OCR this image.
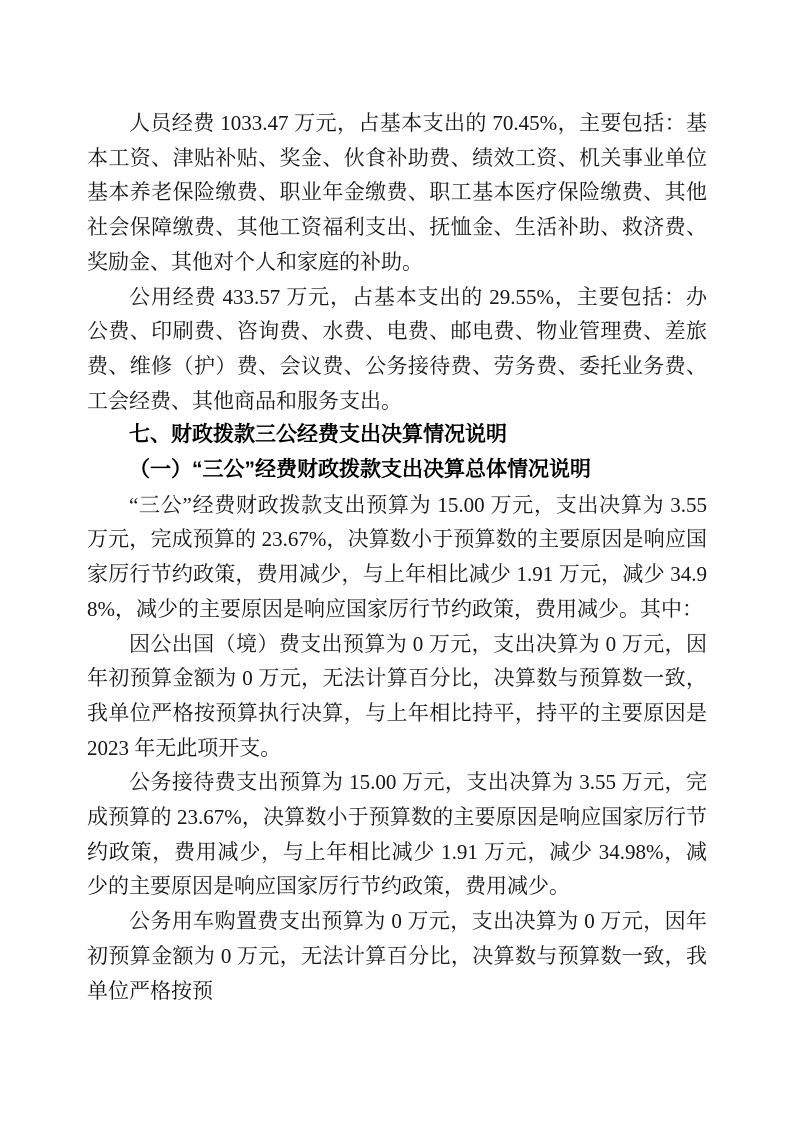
人员经费 1033.47 万元，占基本支出的 70.45%，主要包括：基本工资、津贴补贴、奖金、伙食补助费、绩效工资、机关事业单位基本养老保险缴费、职业年金缴费、职工基本医疗保险缴费、其他社会保障缴费、其他工资福利支出、抚恤金、生活补助、救济费、奖励金、其他对个人和家庭的补助。

公用经费 433.57 万元，占基本支出的 29.55%，主要包括：办公费、印刷费、咨询费、水费、电费、邮电费、物业管理费、差旅费、维修（护）费、会议费、公务接待费、劳务费、委托业务费、工会经费、其他商品和服务支出。

七、财政拨款三公经费支出决算情况说明

（一）“三公”经费财政拨款支出决算总体情况说明

“三公”经费财政拨款支出预算为 15.00 万元，支出决算为 3.55 万元，完成预算的 23.67%，决算数小于预算数的主要原因是响应国家厉行节约政策，费用减少，与上年相比减少 1.91 万元，减少 34.98%，减少的主要原因是响应国家厉行节约政策，费用减少。其中：

因公出国（境）费支出预算为 0 万元，支出决算为 0 万元，因年初预算金额为 0 万元，无法计算百分比，决算数与预算数一致，我单位严格按预算执行决算，与上年相比持平，持平的主要原因是 2023 年无此项开支。

公务接待费支出预算为 15.00 万元，支出决算为 3.55 万元，完成预算的 23.67%，决算数小于预算数的主要原因是响应国家厉行节约政策，费用减少，与上年相比减少 1.91 万元，减少 34.98%，减少的主要原因是响应国家厉行节约政策，费用减少。

公务用车购置费支出预算为 0 万元，支出决算为 0 万元，因年初预算金额为 0 万元，无法计算百分比，决算数与预算数一致，我单位严格按预
